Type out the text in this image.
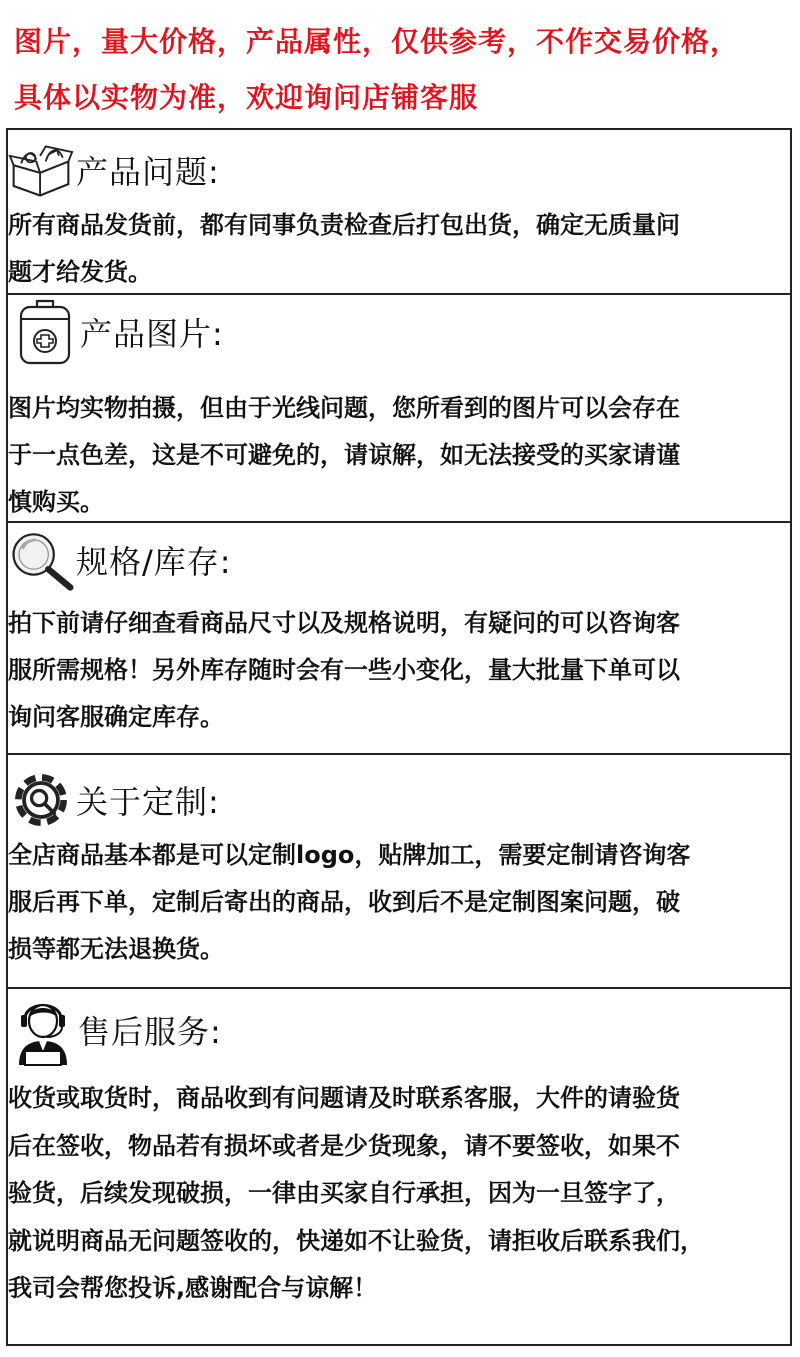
图片，量大价格，产品属性，仅供参考，不作交易价格，
具体以实物为准，欢迎询问店铺客服
产品问题:
所有商品发货前，都有同事负责检查后打包出货，确定无质量问
题才给发货。
产品图片:
图片均实物拍摄，但由于光线问题，您所看到的图片可以会存在
于一点色差，这是不可避免的，请谅解，如无法接受的买家请谨
慎购买。
规格/库存:
拍下前请仔细查看商品尺寸以及规格说明，有疑问的可以咨询客
服所需规格！另外库存随时会有一些小变化，量大批量下单可以
询问客服确定库存。
关于定制:
全店商品基本都是可以定制logo，贴牌加工，需要定制请咨询客
服后再下单，定制后寄出的商品，收到后不是定制图案问题，破
损等都无法退换货。
售后服务:
收货或取货时，商品收到有问题请及时联系客服，大件的请验货
后在签收，物品若有损坏或者是少货现象，请不要签收，如果不
验货，后续发现破损，一律由买家自行承担，因为一旦签字了，
就说明商品无问题签收的，快递如不让验货，请拒收后联系我们，
我司会帮您投诉,感谢配合与谅解！
